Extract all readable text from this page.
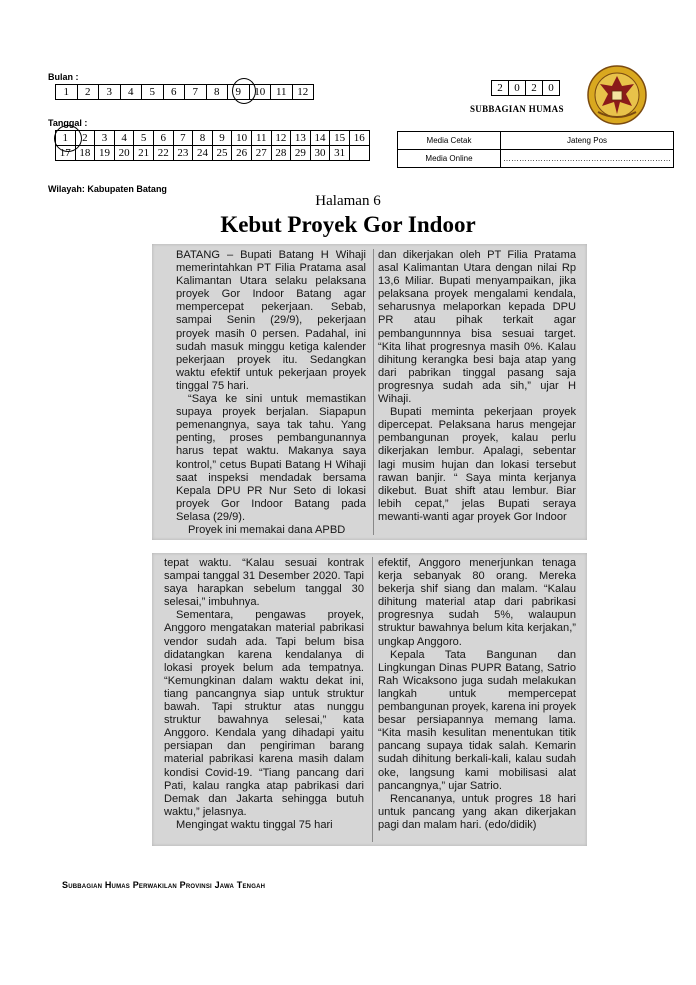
Bulan :
1	2	3	4	5	6	7	8	9	10	11	12
Tanggal :
1	2	3	4	5	6	7	8	9	10	11	12	13	14	15	16
17	18	19	20	21	22	23	24	25	26	27	28	29	30	31	
Wilayah: Kabupaten Batang
2	0	2	0
SUBBAGIAN HUMAS
Media Cetak	Jateng Pos
Media Online	………………………………………………………
Halaman 6
Kebut Proyek Gor Indoor

BATANG – Bupati Batang H Wihaji memerintahkan PT Filia Pratama asal Kalimantan Utara selaku pelaksana proyek Gor Indoor Batang agar mempercepat pekerjaan. Sebab, sampai Senin (29/9), pekerjaan proyek masih 0 persen. Padahal, ini sudah masuk minggu ketiga kalender pekerjaan proyek itu. Sedangkan waktu efektif untuk pekerjaan proyek tinggal 75 hari.

“Saya ke sini untuk memastikan supaya proyek berjalan. Siapapun pemenangnya, saya tak tahu. Yang penting, proses pembangunannya harus tepat waktu. Makanya saya kontrol,” cetus Bupati Batang H Wihaji saat inspeksi mendadak bersama Kepala DPU PR Nur Seto di lokasi proyek Gor Indoor Batang pada Selasa (29/9).

Proyek ini memakai dana APBD

dan dikerjakan oleh PT Filia Pratama asal Kalimantan Utara dengan nilai Rp 13,6 Miliar. Bupati menyampaikan, jika pelaksana proyek mengalami kendala, seharusnya melaporkan kepada DPU PR atau pihak terkait agar pembangunnnya bisa sesuai target. “Kita lihat progresnya masih 0%. Kalau dihitung kerangka besi baja atap yang dari pabrikan tinggal pasang saja progresnya sudah ada sih,” ujar H Wihaji.

Bupati meminta pekerjaan proyek dipercepat. Pelaksana harus mengejar pembangunan proyek, kalau perlu dikerjakan lembur. Apalagi, sebentar lagi musim hujan dan lokasi tersebut rawan banjir. “ Saya minta kerjanya dikebut. Buat shift atau lembur. Biar lebih cepat,” jelas Bupati seraya mewanti-wanti agar proyek Gor Indoor

tepat waktu. “Kalau sesuai kontrak sampai tanggal 31 Desember 2020. Tapi saya harapkan sebelum tanggal 30 selesai,” imbuhnya.

Sementara, pengawas proyek, Anggoro mengatakan material pabrikasi vendor sudah ada. Tapi belum bisa didatangkan karena kendalanya di lokasi proyek belum ada tempatnya. “Kemungkinan dalam waktu dekat ini, tiang pancangnya siap untuk struktur bawah. Tapi struktur atas nunggu struktur bawahnya selesai,” kata Anggoro. Kendala yang dihadapi yaitu persiapan dan pengiriman barang material pabrikasi karena masih dalam kondisi Covid-19. “Tiang pancang dari Pati, kalau rangka atap pabrikasi dari Demak dan Jakarta sehingga butuh waktu,” jelasnya.

Mengingat waktu tinggal 75 hari

efektif, Anggoro menerjunkan tenaga kerja sebanyak 80 orang. Mereka bekerja shif siang dan malam. “Kalau dihitung material atap dari pabrikasi progresnya sudah 5%, walaupun struktur bawahnya belum kita kerjakan,” ungkap Anggoro.

Kepala Tata Bangunan dan Lingkungan Dinas PUPR Batang, Satrio Rah Wicaksono juga sudah melakukan langkah untuk mempercepat pembangunan proyek, karena ini proyek besar persiapannya memang lama. “Kita masih kesulitan menentukan titik pancang supaya tidak salah. Kemarin sudah dihitung berkali-kali, kalau sudah oke, langsung kami mobilisasi alat pancangnya,” ujar Satrio.

Rencananya, untuk progres 18 hari untuk pancang yang akan dikerjakan pagi dan malam hari. (edo/didik)

Subbagian Humas Perwakilan Provinsi Jawa Tengah
